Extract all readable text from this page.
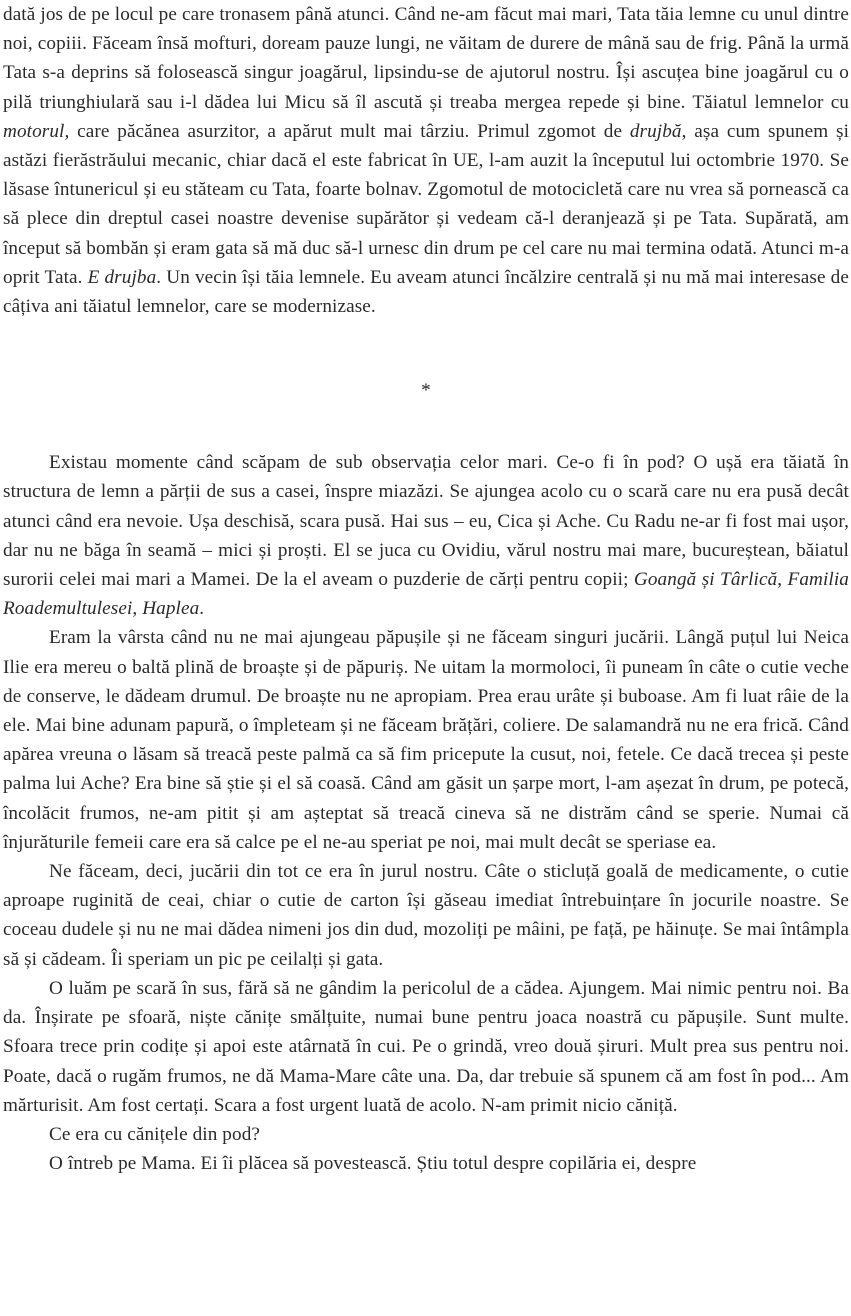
dată jos de pe locul pe care tronasem până atunci. Când ne-am făcut mai mari, Tata tăia lemne cu unul dintre noi, copiii. Făceam însă mofturi, doream pauze lungi, ne văitam de durere de mână sau de frig. Până la urmă Tata s-a deprins să folosească singur joagărul, lipsindu-se de ajutorul nostru. Își ascuțea bine joagărul cu o pilă triunghiulară sau i-l dădea lui Micu să îl ascută și treaba mergea repede și bine. Tăiatul lemnelor cu motorul, care păcănea asurzitor, a apărut mult mai târziu. Primul zgomot de drujbă, așa cum spunem și astăzi fierăstrăului mecanic, chiar dacă el este fabricat în UE, l-am auzit la începutul lui octombrie 1970. Se lăsase întunericul și eu stăteam cu Tata, foarte bolnav. Zgomotul de motocicletă care nu vrea să pornească ca să plece din dreptul casei noastre devenise supărător și vedeam că-l deranjează și pe Tata. Supărată, am început să bombăn și eram gata să mă duc să-l urnesc din drum pe cel care nu mai termina odată. Atunci m-a oprit Tata. E drujba. Un vecin își tăia lemnele. Eu aveam atunci încălzire centrală și nu mă mai interesase de câțiva ani tăiatul lemnelor, care se modernizase.

*

Existau momente când scăpam de sub observația celor mari. Ce-o fi în pod? O ușă era tăiată în structura de lemn a părții de sus a casei, înspre miazăzi. Se ajungea acolo cu o scară care nu era pusă decât atunci când era nevoie. Ușa deschisă, scara pusă. Hai sus – eu, Cica și Ache. Cu Radu ne-ar fi fost mai ușor, dar nu ne băga în seamă – mici și proști. El se juca cu Ovidiu, vărul nostru mai mare, bucureștean, băiatul surorii celei mai mari a Mamei. De la el aveam o puzderie de cărți pentru copii; Goangă și Târlică, Familia Roademultulesei, Haplea.

Eram la vârsta când nu ne mai ajungeau păpușile și ne făceam singuri jucării. Lângă puțul lui Neica Ilie era mereu o baltă plină de broaște și de păpuriș. Ne uitam la mormoloci, îi puneam în câte o cutie veche de conserve, le dădeam drumul. De broaște nu ne apropiam. Prea erau urâte și buboase. Am fi luat râie de la ele. Mai bine adunam papură, o împleteam și ne făceam brățări, coliere. De salamandră nu ne era frică. Când apărea vreuna o lăsam să treacă peste palmă ca să fim pricepute la cusut, noi, fetele. Ce dacă trecea și peste palma lui Ache? Era bine să știe și el să coasă. Când am găsit un șarpe mort, l-am așezat în drum, pe potecă, încolăcit frumos, ne-am pitit și am așteptat să treacă cineva să ne distrăm când se sperie. Numai că înjurăturile femeii care era să calce pe el ne-au speriat pe noi, mai mult decât se speriase ea.

Ne făceam, deci, jucării din tot ce era în jurul nostru. Câte o sticluță goală de medicamente, o cutie aproape ruginită de ceai, chiar o cutie de carton își găseau imediat întrebuințare în jocurile noastre. Se coceau dudele și nu ne mai dădea nimeni jos din dud, mozoliți pe mâini, pe față, pe hăinuțe. Se mai întâmpla să și cădeam. Îi speriam un pic pe ceilalți și gata.

O luăm pe scară în sus, fără să ne gândim la pericolul de a cădea. Ajungem. Mai nimic pentru noi. Ba da. Înșirate pe sfoară, niște cănițe smălțuite, numai bune pentru joaca noastră cu păpușile. Sunt multe. Sfoara trece prin codițe și apoi este atârnată în cui. Pe o grindă, vreo două șiruri. Mult prea sus pentru noi. Poate, dacă o rugăm frumos, ne dă Mama-Mare câte una. Da, dar trebuie să spunem că am fost în pod... Am mărturisit. Am fost certați. Scara a fost urgent luată de acolo. N-am primit nicio căniță.

Ce era cu cănițele din pod?

O întreb pe Mama. Ei îi plăcea să povestească. Știu totul despre copilăria ei, despre
